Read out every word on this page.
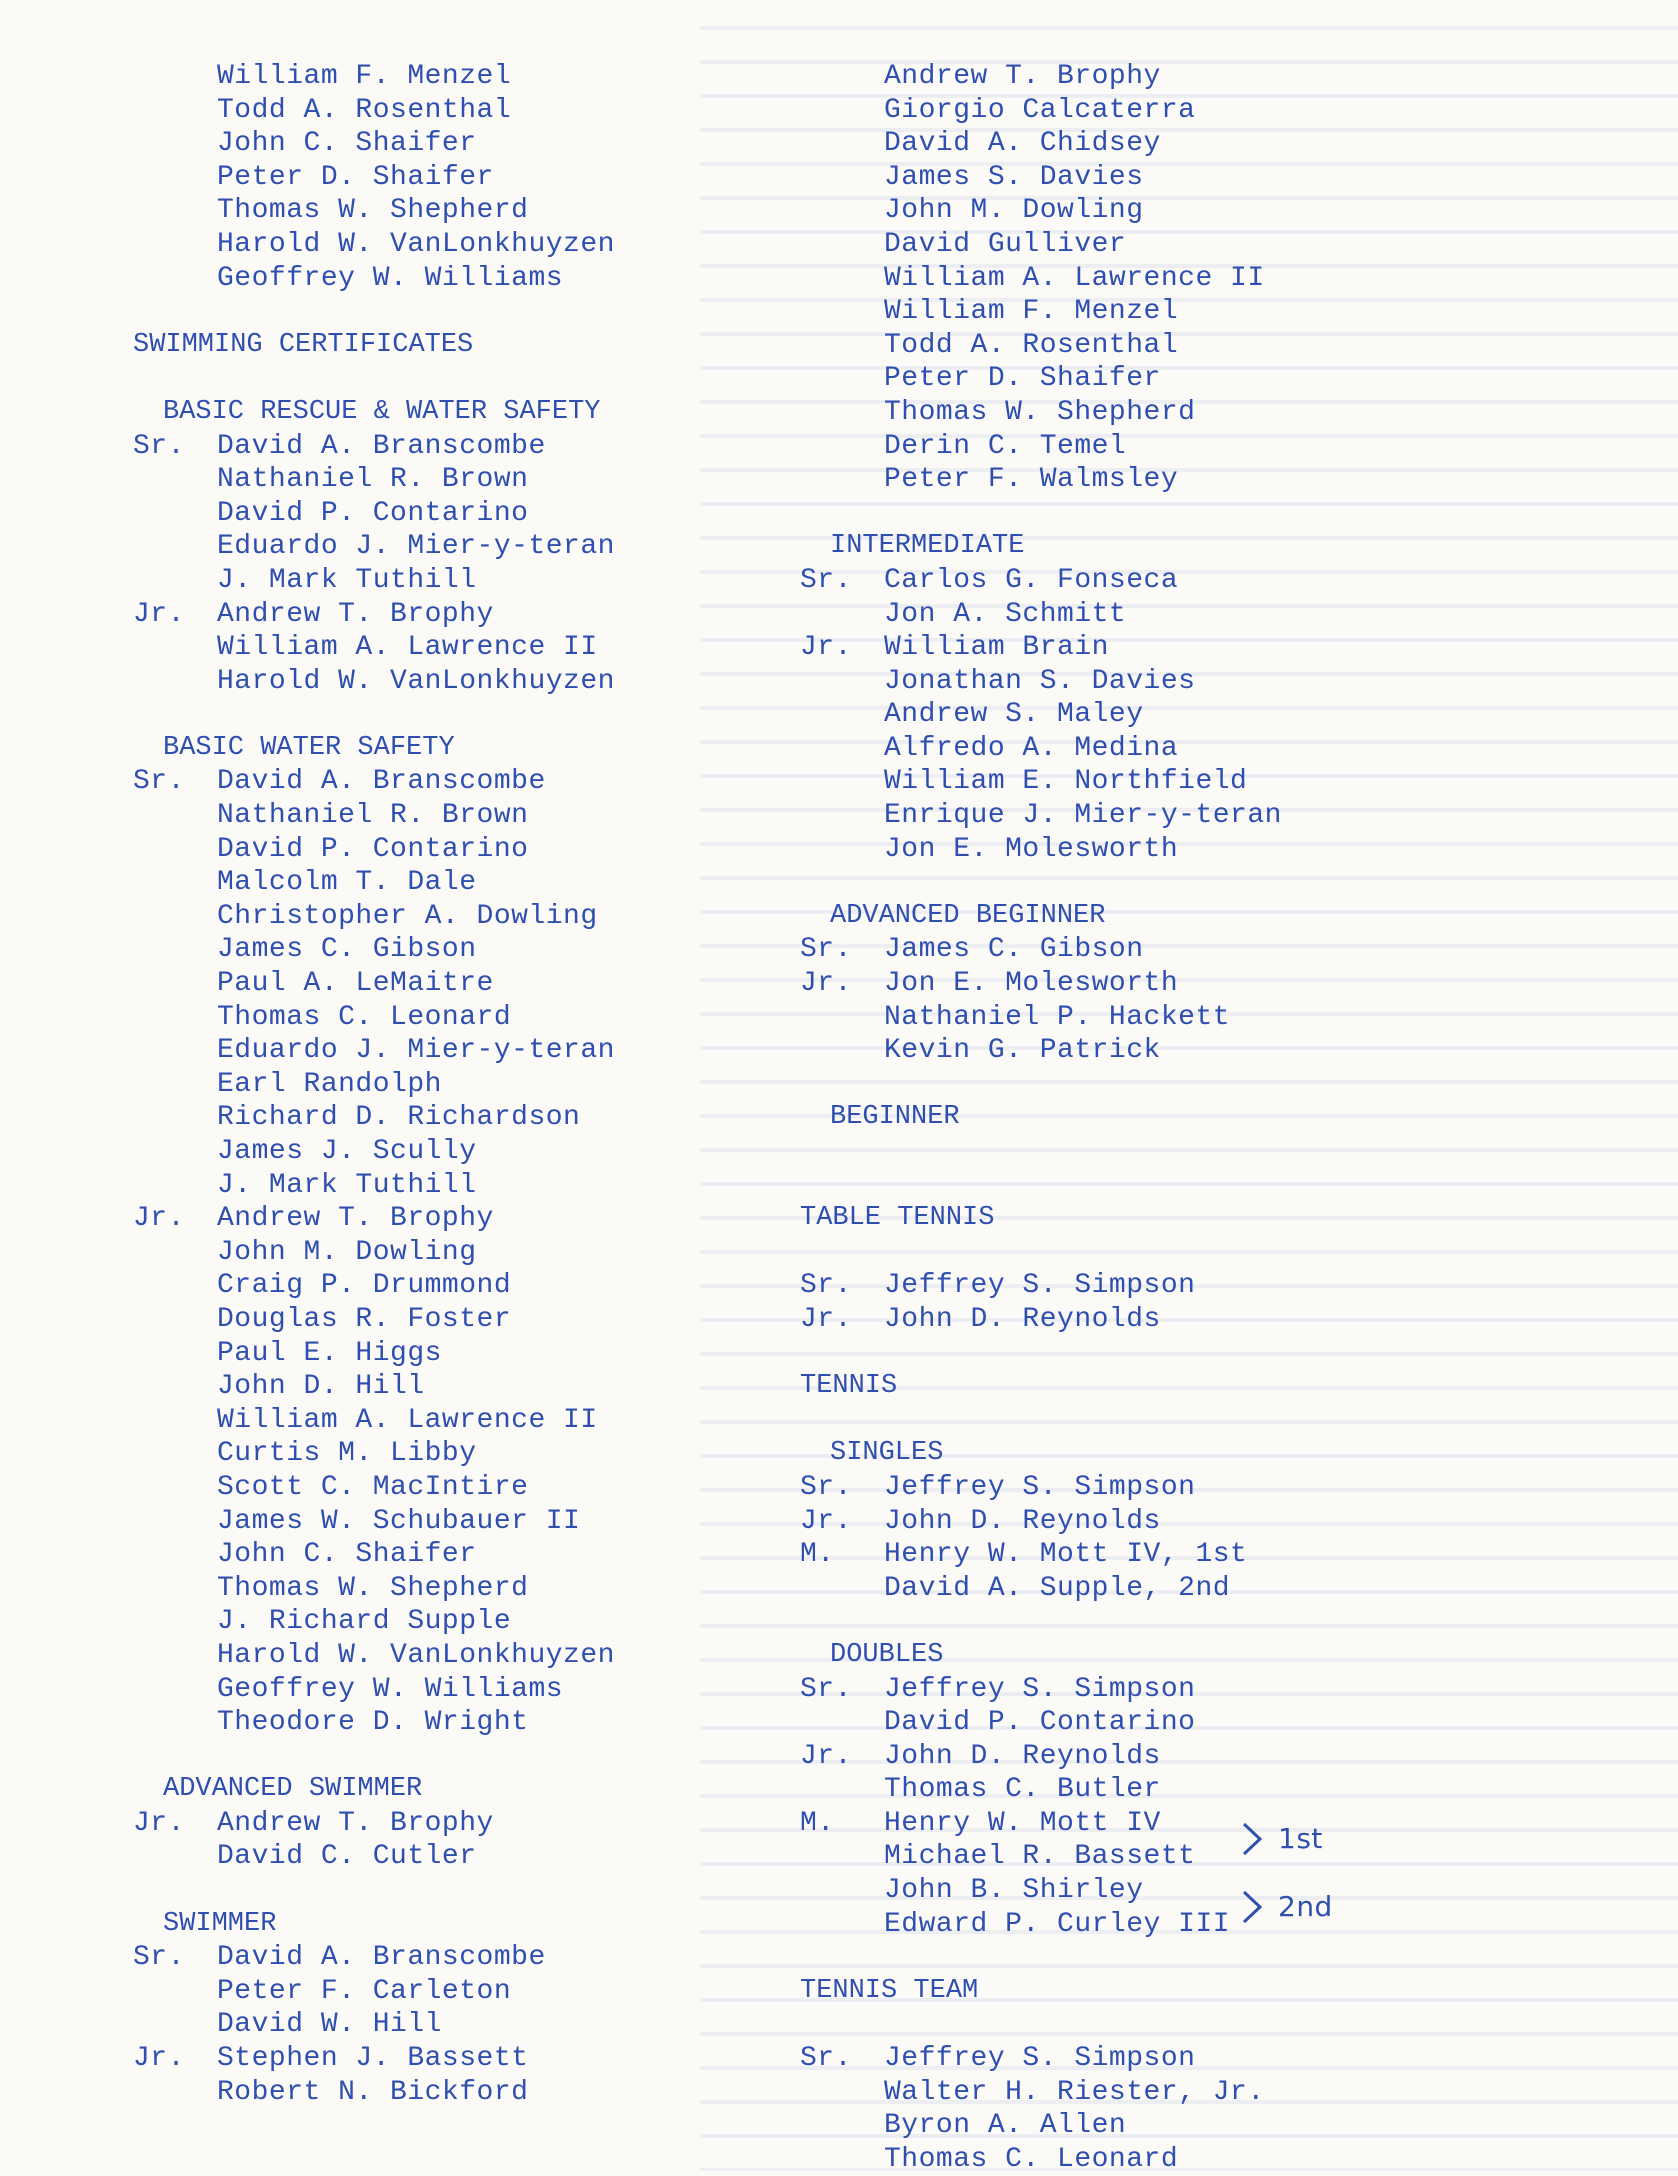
William F. Menzel
Todd A. Rosenthal
John C. Shaifer
Peter D. Shaifer
Thomas W. Shepherd
Harold W. VanLonkhuyzen
Geoffrey W. Williams
SWIMMING CERTIFICATES
BASIC RESCUE & WATER SAFETY
Sr. David A. Branscombe
Nathaniel R. Brown
David P. Contarino
Eduardo J. Mier-y-teran
J. Mark Tuthill
Jr. Andrew T. Brophy
William A. Lawrence II
Harold W. VanLonkhuyzen
BASIC WATER SAFETY
Sr. David A. Branscombe
Nathaniel R. Brown
David P. Contarino
Malcolm T. Dale
Christopher A. Dowling
James C. Gibson
Paul A. LeMaitre
Thomas C. Leonard
Eduardo J. Mier-y-teran
Earl Randolph
Richard D. Richardson
James J. Scully
J. Mark Tuthill
Jr. Andrew T. Brophy
John M. Dowling
Craig P. Drummond
Douglas R. Foster
Paul E. Higgs
John D. Hill
William A. Lawrence II
Curtis M. Libby
Scott C. MacIntire
James W. Schubauer II
John C. Shaifer
Thomas W. Shepherd
J. Richard Supple
Harold W. VanLonkhuyzen
Geoffrey W. Williams
Theodore D. Wright
ADVANCED SWIMMER
Jr. Andrew T. Brophy
David C. Cutler
SWIMMER
Sr. David A. Branscombe
Peter F. Carleton
David W. Hill
Jr. Stephen J. Bassett
Robert N. Bickford
Andrew T. Brophy
Giorgio Calcaterra
David A. Chidsey
James S. Davies
John M. Dowling
David Gulliver
William A. Lawrence II
William F. Menzel
Todd A. Rosenthal
Peter D. Shaifer
Thomas W. Shepherd
Derin C. Temel
Peter F. Walmsley
INTERMEDIATE
Sr. Carlos G. Fonseca
Jon A. Schmitt
Jr. William Brain
Jonathan S. Davies
Andrew S. Maley
Alfredo A. Medina
William E. Northfield
Enrique J. Mier-y-teran
Jon E. Molesworth
ADVANCED BEGINNER
Sr. James C. Gibson
Jr. Jon E. Molesworth
Nathaniel P. Hackett
Kevin G. Patrick
BEGINNER
TABLE TENNIS
Sr. Jeffrey S. Simpson
Jr. John D. Reynolds
TENNIS
SINGLES
Sr. Jeffrey S. Simpson
Jr. John D. Reynolds
M. Henry W. Mott IV, 1st
David A. Supple, 2nd
DOUBLES
Sr. Jeffrey S. Simpson
David P. Contarino
Jr. John D. Reynolds
Thomas C. Butler
M. Henry W. Mott IV
Michael R. Bassett
1st
John B. Shirley
Edward P. Curley III
2nd
TENNIS TEAM
Sr. Jeffrey S. Simpson
Walter H. Riester, Jr.
Byron A. Allen
Thomas C. Leonard
